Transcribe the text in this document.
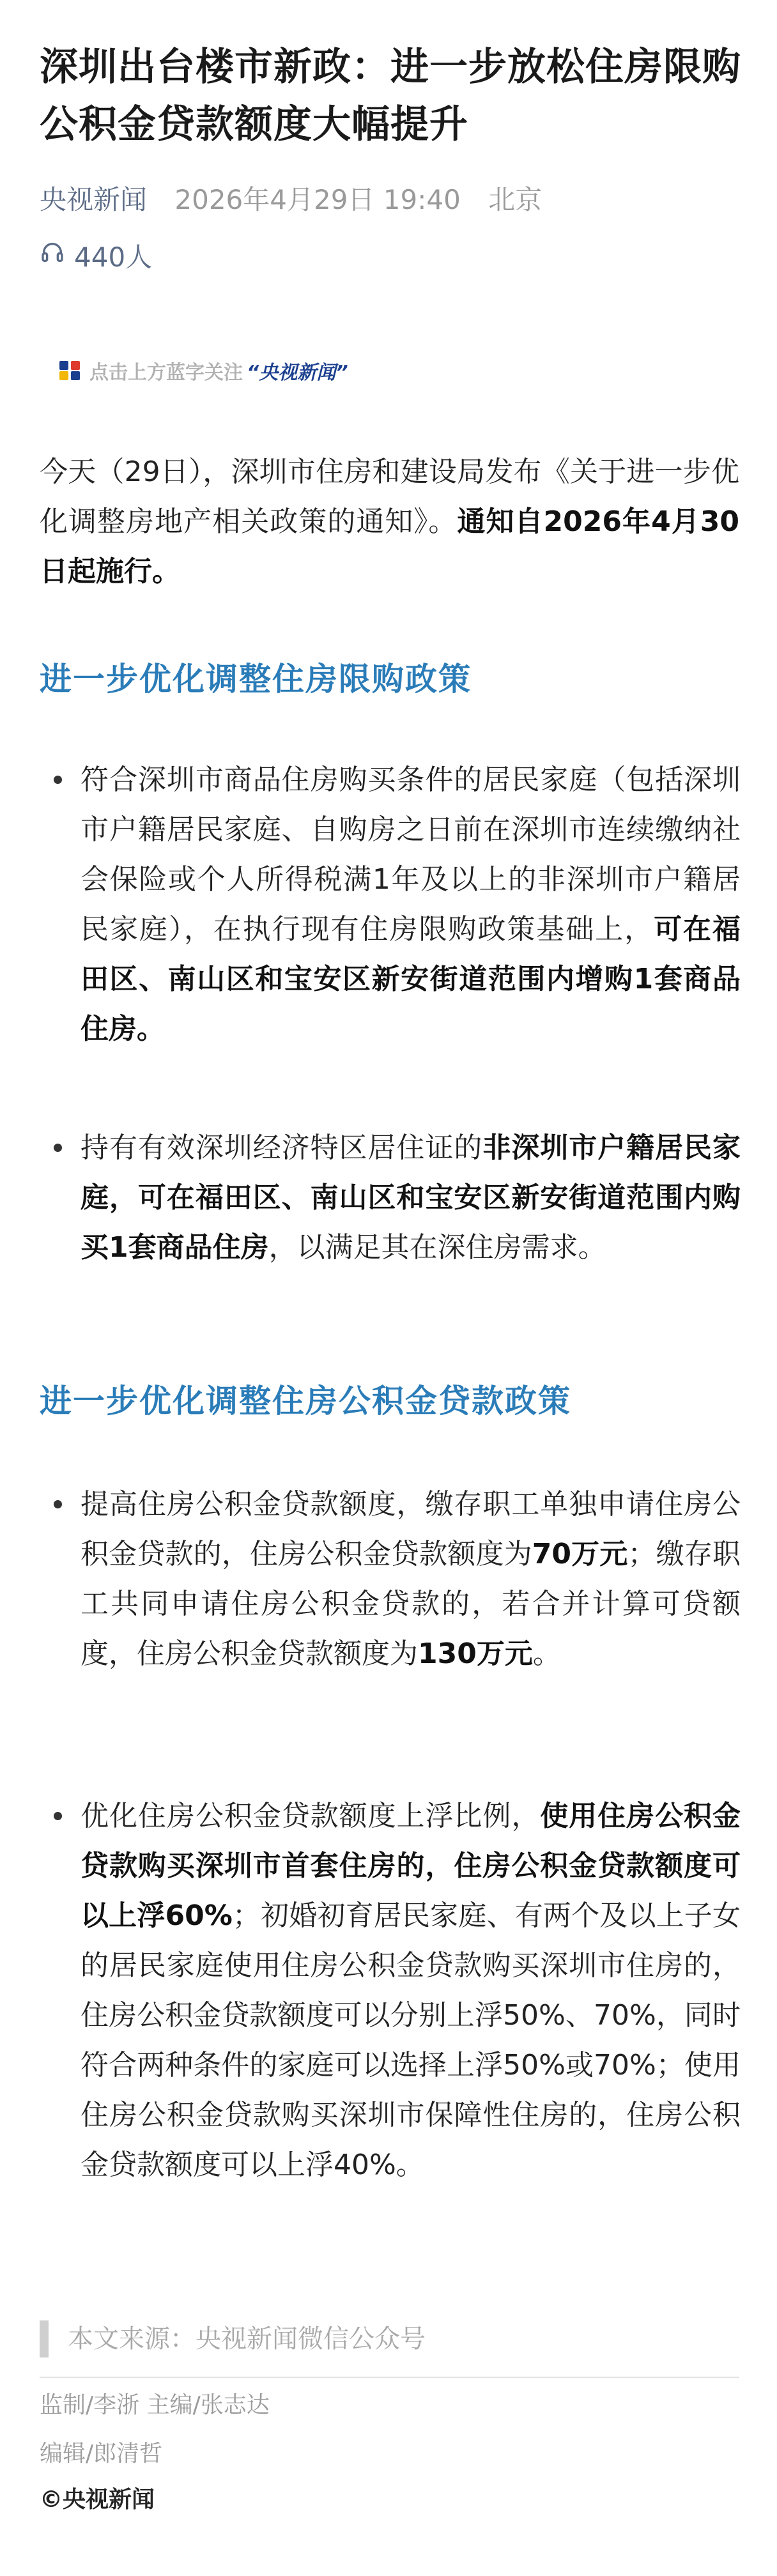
深圳出台楼市新政：进一步放松住房限购 公积金贷款额度大幅提升
央视新闻 2026年4月29日 19:40 北京
440人
点击上方蓝字关注 “央视新闻”
今天（29日），深圳市住房和建设局发布《关于进一步优化调整房地产相关政策的通知》。通知自2026年4月30日起施行。
进一步优化调整住房限购政策
符合深圳市商品住房购买条件的居民家庭（包括深圳市户籍居民家庭、自购房之日前在深圳市连续缴纳社会保险或个人所得税满1年及以上的非深圳市户籍居民家庭），在执行现有住房限购政策基础上，可在福田区、南山区和宝安区新安街道范围内增购1套商品住房。
持有有效深圳经济特区居住证的非深圳市户籍居民家庭，可在福田区、南山区和宝安区新安街道范围内购买1套商品住房，以满足其在深住房需求。
进一步优化调整住房公积金贷款政策
提高住房公积金贷款额度，缴存职工单独申请住房公积金贷款的，住房公积金贷款额度为70万元；缴存职工共同申请住房公积金贷款的，若合并计算可贷额度，住房公积金贷款额度为130万元。
优化住房公积金贷款额度上浮比例，使用住房公积金贷款购买深圳市首套住房的，住房公积金贷款额度可以上浮60%；初婚初育居民家庭、有两个及以上子女的居民家庭使用住房公积金贷款购买深圳市住房的，住房公积金贷款额度可以分别上浮50%、70%，同时符合两种条件的家庭可以选择上浮50%或70%；使用住房公积金贷款购买深圳市保障性住房的，住房公积金贷款额度可以上浮40%。
本文来源：央视新闻微信公众号
监制/李浙 主编/张志达
编辑/郎清哲
©央视新闻
